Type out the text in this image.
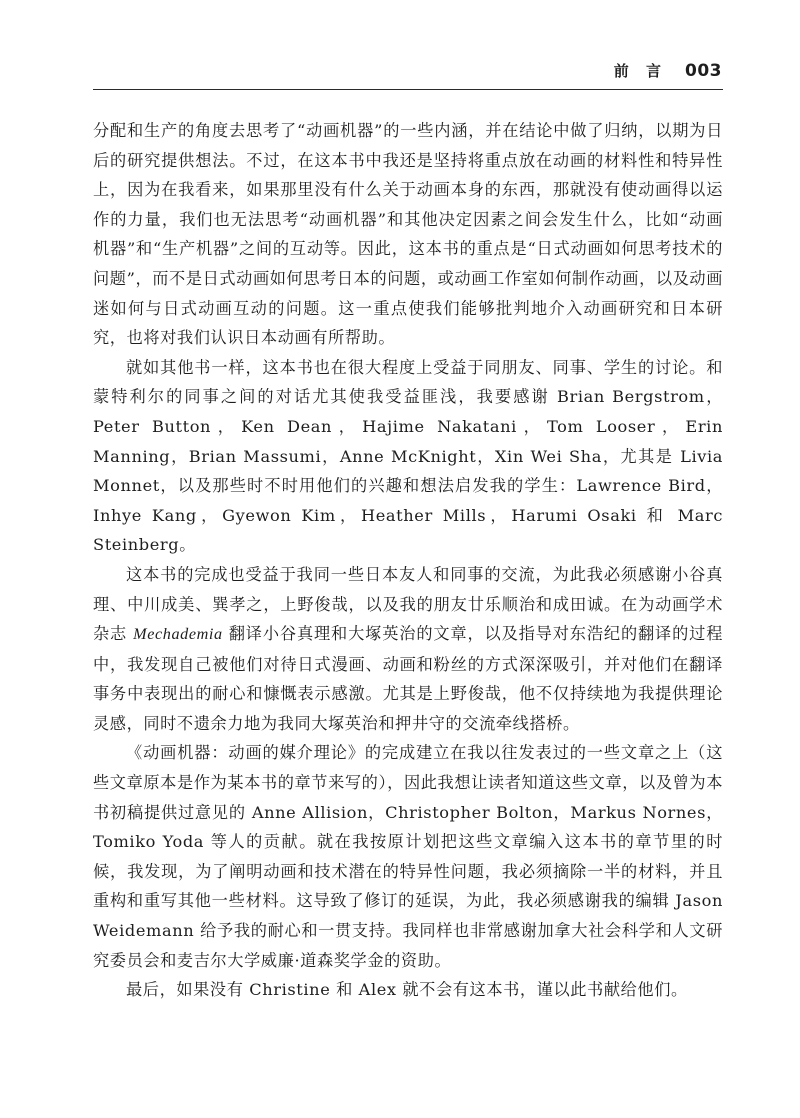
前 言 003

分配和生产的角度去思考了“动画机器”的一些内涵，并在结论中做了归纳，以期为日后的研究提供想法。不过，在这本书中我还是坚持将重点放在动画的材料性和特异性上，因为在我看来，如果那里没有什么关于动画本身的东西，那就没有使动画得以运作的力量，我们也无法思考“动画机器”和其他决定因素之间会发生什么，比如“动画机器”和“生产机器”之间的互动等。因此，这本书的重点是“日式动画如何思考技术的问题”，而不是日式动画如何思考日本的问题，或动画工作室如何制作动画，以及动画迷如何与日式动画互动的问题。这一重点使我们能够批判地介入动画研究和日本研究，也将对我们认识日本动画有所帮助。

就如其他书一样，这本书也在很大程度上受益于同朋友、同事、学生的讨论。和蒙特利尔的同事之间的对话尤其使我受益匪浅，我要感谢 Brian Bergstrom，Peter Button，Ken Dean，Hajime Nakatani，Tom Looser，Erin Manning，Brian Massumi，Anne McKnight，Xin Wei Sha，尤其是 Livia Monnet，以及那些时不时用他们的兴趣和想法启发我的学生：Lawrence Bird，Inhye Kang，Gyewon Kim，Heather Mills，Harumi Osaki 和 Marc Steinberg。

这本书的完成也受益于我同一些日本友人和同事的交流，为此我必须感谢小谷真理、中川成美、巽孝之，上野俊哉，以及我的朋友廿乐顺治和成田诚。在为动画学术杂志 Mechademia 翻译小谷真理和大塚英治的文章，以及指导对东浩纪的翻译的过程中，我发现自己被他们对待日式漫画、动画和粉丝的方式深深吸引，并对他们在翻译事务中表现出的耐心和慷慨表示感激。尤其是上野俊哉，他不仅持续地为我提供理论灵感，同时不遗余力地为我同大塚英治和押井守的交流牵线搭桥。

《动画机器：动画的媒介理论》的完成建立在我以往发表过的一些文章之上（这些文章原本是作为某本书的章节来写的），因此我想让读者知道这些文章，以及曾为本书初稿提供过意见的 Anne Allision，Christopher Bolton，Markus Nornes，Tomiko Yoda 等人的贡献。就在我按原计划把这些文章编入这本书的章节里的时候，我发现，为了阐明动画和技术潜在的特异性问题，我必须摘除一半的材料，并且重构和重写其他一些材料。这导致了修订的延误，为此，我必须感谢我的编辑 Jason Weidemann 给予我的耐心和一贯支持。我同样也非常感谢加拿大社会科学和人文研究委员会和麦吉尔大学威廉·道森奖学金的资助。

最后，如果没有 Christine 和 Alex 就不会有这本书，谨以此书献给他们。
